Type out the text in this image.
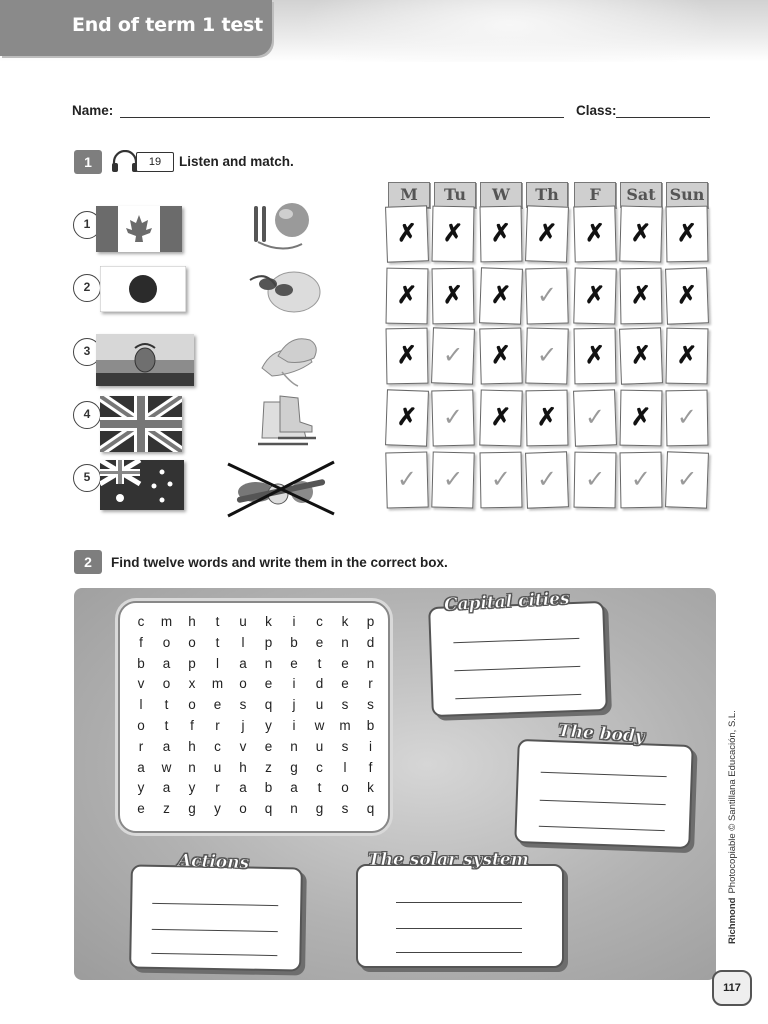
End of term 1 test
Name:	Class:
1	19	Listen and match.
1
2
3
4
5
M	Tu	W	Th	F	Sat Sun
✗	✗	✗	✗	✗	✗	✗
✗	✗	✗	✓	✗	✗	✗
✗	✓	✗	✓	✗	✗	✗
✗	✓	✗	✗	✓	✗	✓
✓	✓	✓	✓	✓	✓	✓
2	Find twelve words and write them in the correct box.
c	m	h	t	u	k	i	c	k	p
f	o	o	t	l	p	b	e	n	d
b	a	p	l	a	n	e	t	e	n
v	o	x	m	o	e	i	d	e	r
l	t	o	e	s	q	j	u	s	s
o	t	f	r	j	y	i	w	m	b
r	a	h	c	v	e	n	u	s	i
a	w	n	u	h	z	g	c	l	f
y	a	y	r	a	b	a	t	o	k
e	z	g	y	o	q	n	g	s	q
Capital cities
The body
Actions	The solar system
RichmondPhotocopiable © Santillana Educación, S.L.
117
